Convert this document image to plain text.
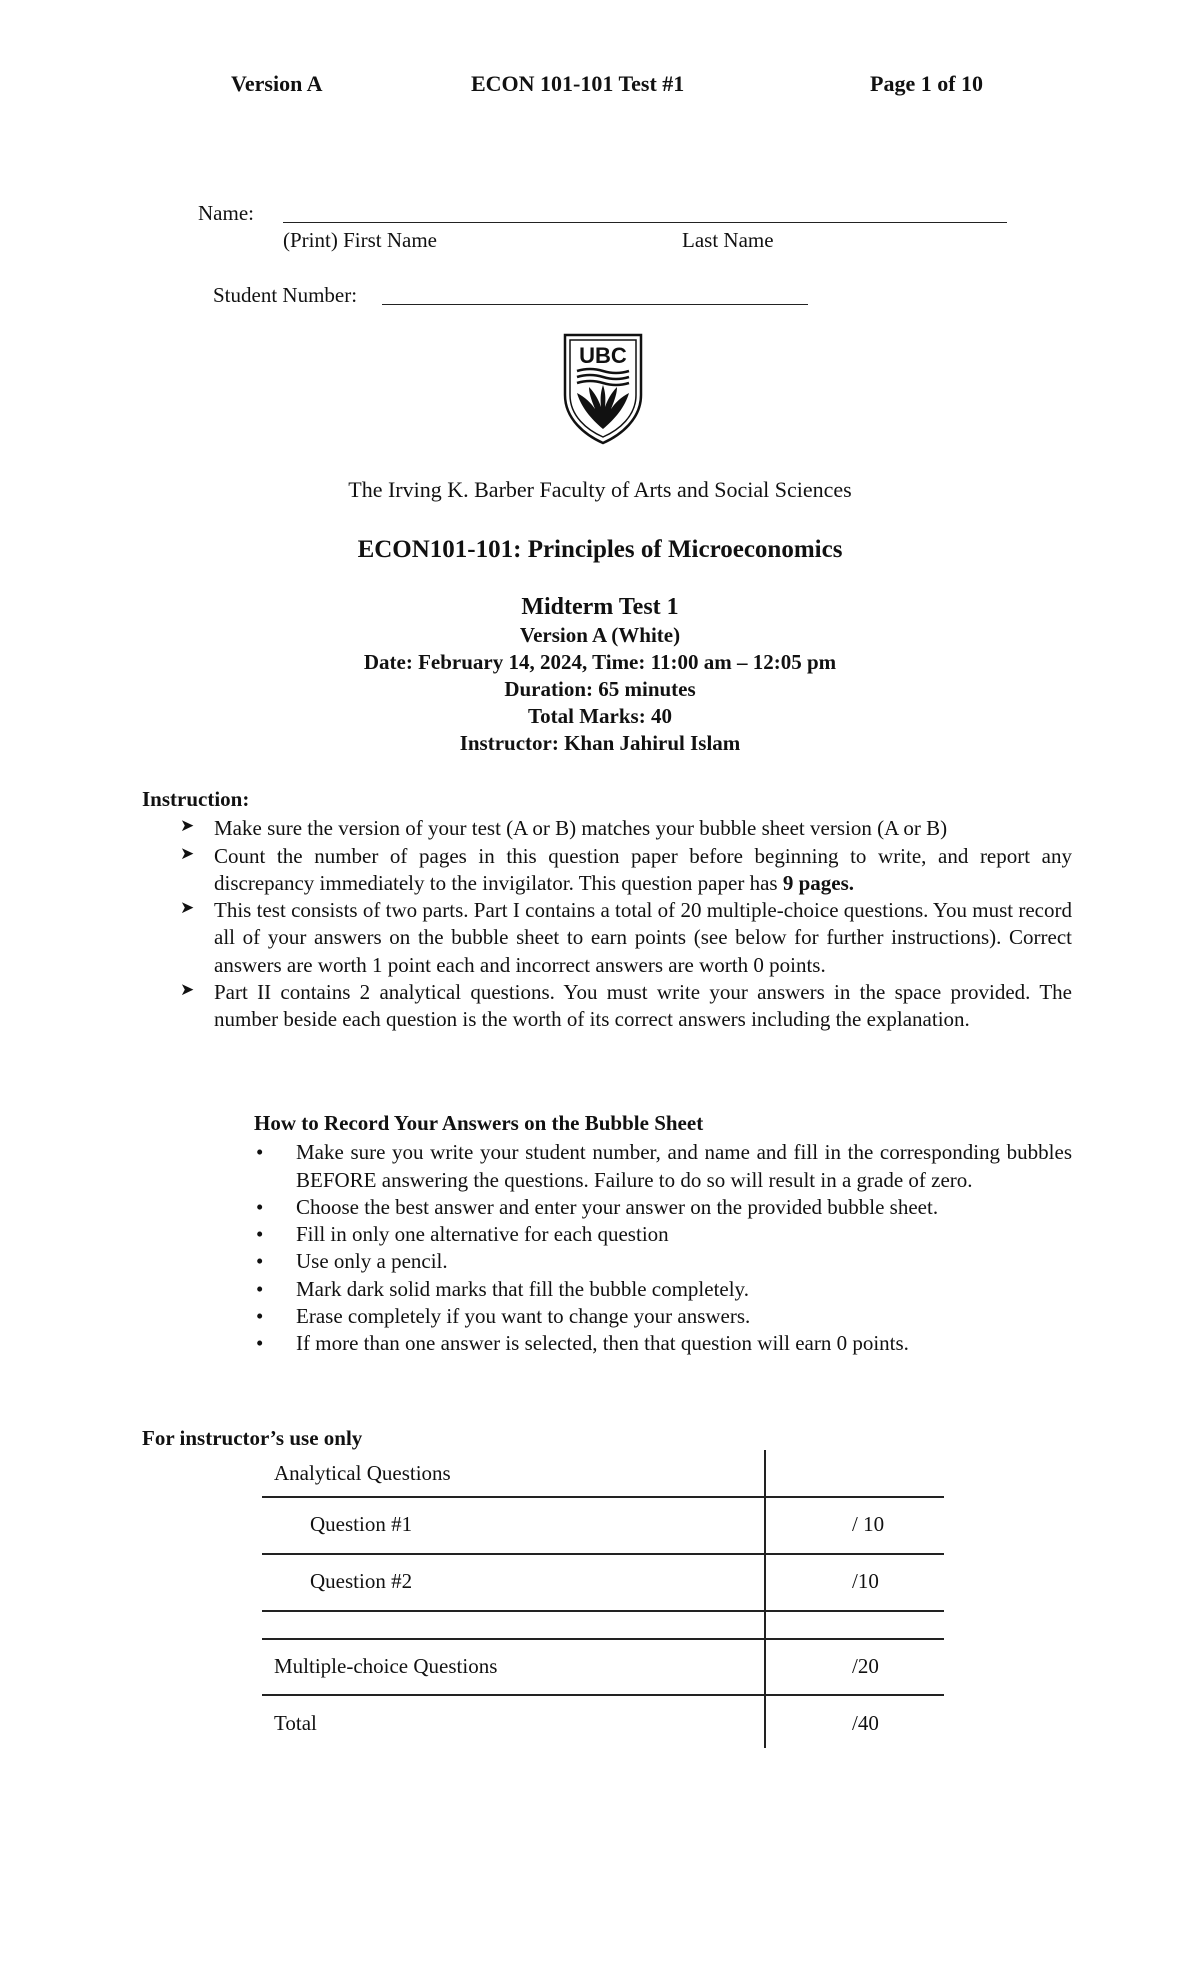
Version A	ECON 101-101 Test #1	Page 1 of 10
Name:
(Print) First Name	Last Name
Student Number:
UBC
The Irving K. Barber Faculty of Arts and Social Sciences
ECON101-101: Principles of Microeconomics
Midterm Test 1
Version A (White)
Date: February 14, 2024, Time: 11:00 am – 12:05 pm
Duration: 65 minutes
Total Marks: 40
Instructor: Khan Jahirul Islam
Instruction:
➤ Make sure the version of your test (A or B) matches your bubble sheet version (A or B)
➤ Count the number of pages in this question paper before beginning to write, and report any discrepancy immediately to the invigilator. This question paper has 9 pages.
➤ This test consists of two parts. Part I contains a total of 20 multiple-choice questions. You must record all of your answers on the bubble sheet to earn points (see below for further instructions). Correct answers are worth 1 point each and incorrect answers are worth 0 points.
➤ Part II contains 2 analytical questions. You must write your answers in the space provided. The number beside each question is the worth of its correct answers including the explanation.
How to Record Your Answers on the Bubble Sheet
• Make sure you write your student number, and name and fill in the corresponding bubbles BEFORE answering the questions. Failure to do so will result in a grade of zero.
• Choose the best answer and enter your answer on the provided bubble sheet.
• Fill in only one alternative for each question
• Use only a pencil.
• Mark dark solid marks that fill the bubble completely.
• Erase completely if you want to change your answers.
• If more than one answer is selected, then that question will earn 0 points.
For instructor’s use only
Analytical Questions
Question #1	/ 10
Question #2	/10
Multiple-choice Questions	/20
Total	/40
